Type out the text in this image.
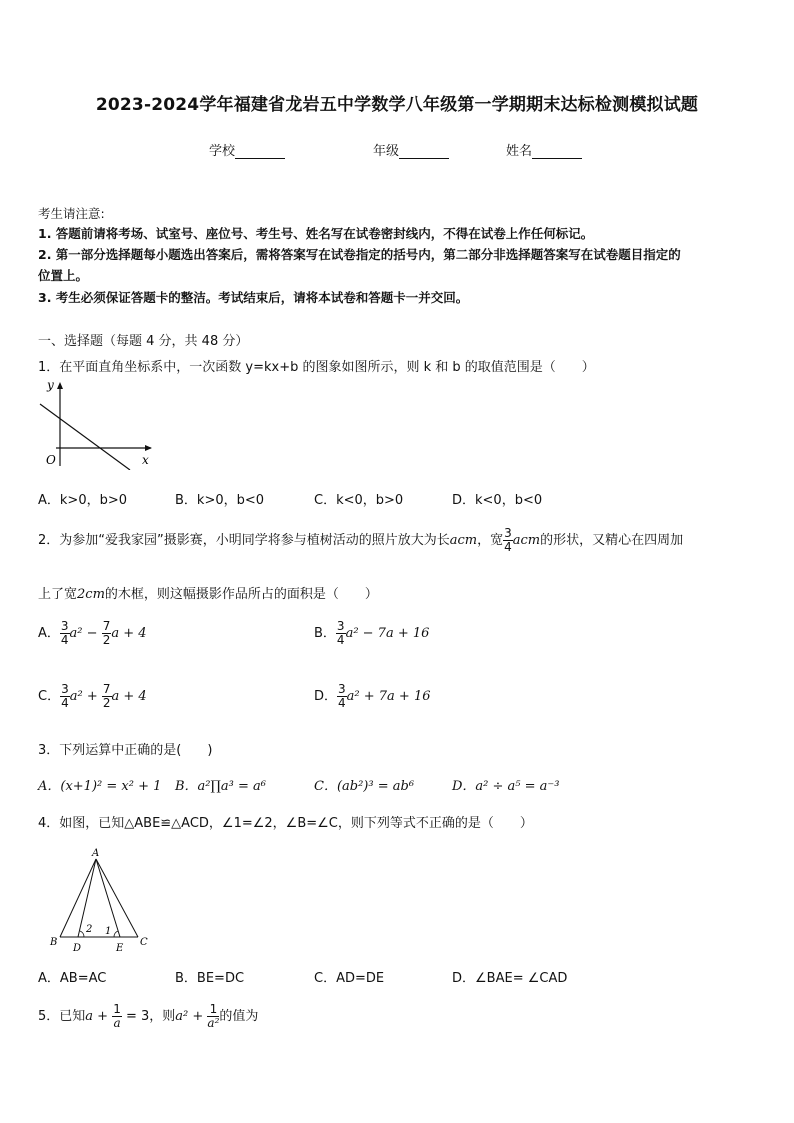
2023-2024学年福建省龙岩五中学数学八年级第一学期期末达标检测模拟试题
学校	年级	姓名
考生请注意:
1. 答题前请将考场、试室号、座位号、考生号、姓名写在试卷密封线内，不得在试卷上作任何标记。
2. 第一部分选择题每小题选出答案后，需将答案写在试卷指定的括号内，第二部分非选择题答案写在试卷题目指定的
位置上。
3. 考生必须保证答题卡的整洁。考试结束后，请将本试卷和答题卡一并交回。
一、选择题（每题 4 分，共 48 分）
1．在平面直角坐标系中，一次函数 y=kx+b 的图象如图所示，则 k 和 b 的取值范围是（　　）
y
x
O
A．k>0，b>0	B．k>0，b<0	C．k<0，b>0	D．k<0，b<0
2．为参加“爱我家园”摄影赛，小明同学将参与植树活动的照片放大为长acm，宽 $\frac{3}{4}$ acm的形状，又精心在四周加
上了宽2cm的木框，则这幅摄影作品所占的面积是（　　）
A． $\frac{3}{4} a^2 - \frac{7}{2}$ a + 4	B． $\frac{3}{4} a^2 - 7a + 16$
C． $\frac{3}{4} a^2 + \frac{7}{2}$ a + 4	D． $\frac{3}{4} a^2 + 7a + 16$
3．下列运算中正确的是(　　)
A．(x+1)² = x² + 1 B．a²∏a³ = a⁶	C．(ab²)³ = ab⁶	D．a² ÷ a⁵ = a⁻³
4．如图，已知△ABE≌△ACD，∠1=∠2，∠B=∠C，则下列等式不正确的是（　　）
A
B	C
D	E
2 1
A．AB=AC	B．BE=DC	C．AD=DE	D．∠BAE= ∠CAD
5．已知$a + \frac{1}{a} = 3$，则$a^2 + \frac{1}{\text{a²}}$ 的值为
